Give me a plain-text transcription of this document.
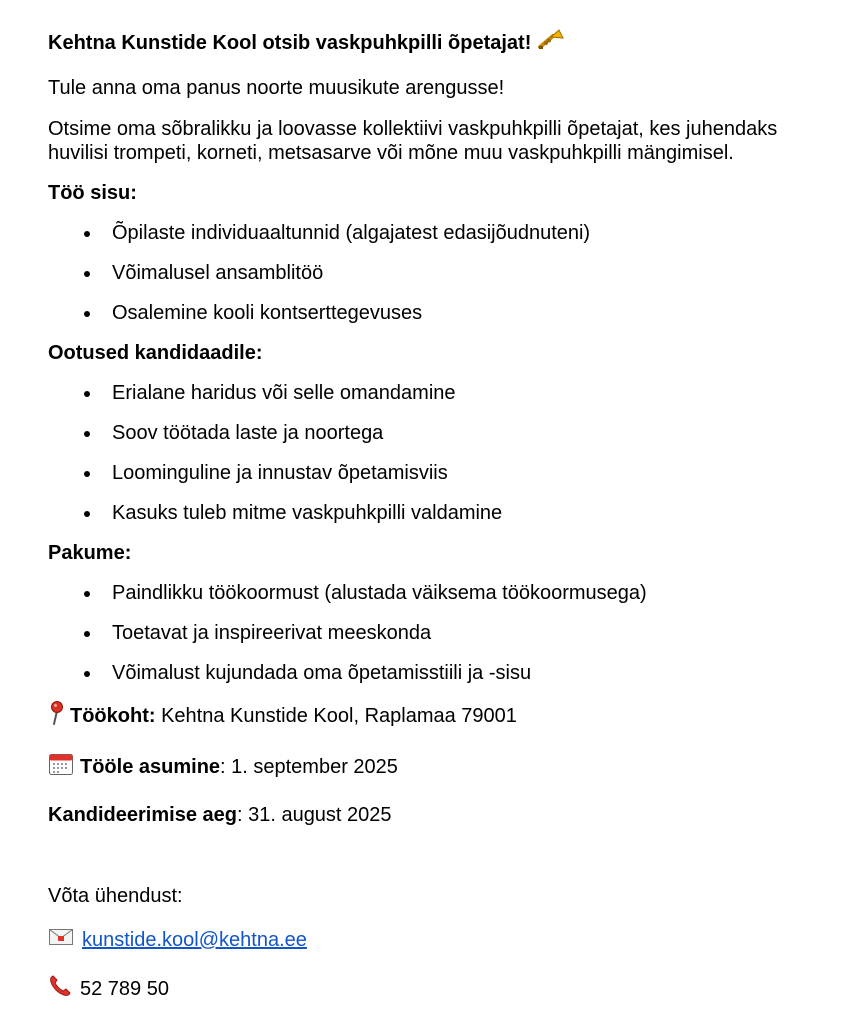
Kehtna Kunstide Kool otsib vaskpuhkpilli õpetajat!

Tule anna oma panus noorte muusikute arengusse!

Otsime oma sõbralikku ja loovasse kollektiivi vaskpuhkpilli õpetajat, kes juhendaks huvilisi trompeti, korneti, metsasarve või mõne muu vaskpuhkpilli mängimisel.

Töö sisu:

Õpilaste individuaaltunnid (algajatest edasijõudnuteni)
Võimalusel ansamblitöö
Osalemine kooli kontserttegevuses

Ootused kandidaadile:

Erialane haridus või selle omandamine
Soov töötada laste ja noortega
Loominguline ja innustav õpetamisviis
Kasuks tuleb mitme vaskpuhkpilli valdamine

Pakume:

Paindlikku töökoormust (alustada väiksema töökoormusega)
Toetavat ja inspireerivat meeskonda
Võimalust kujundada oma õpetamisstiili ja -sisu

Töökoht: Kehtna Kunstide Kool, Raplamaa 79001

Tööle asumine : 1. september 2025

Kandideerimise aeg : 31. august 2025

Võta ühendust:

kunstide.kool@kehtna.ee

52 789 50
